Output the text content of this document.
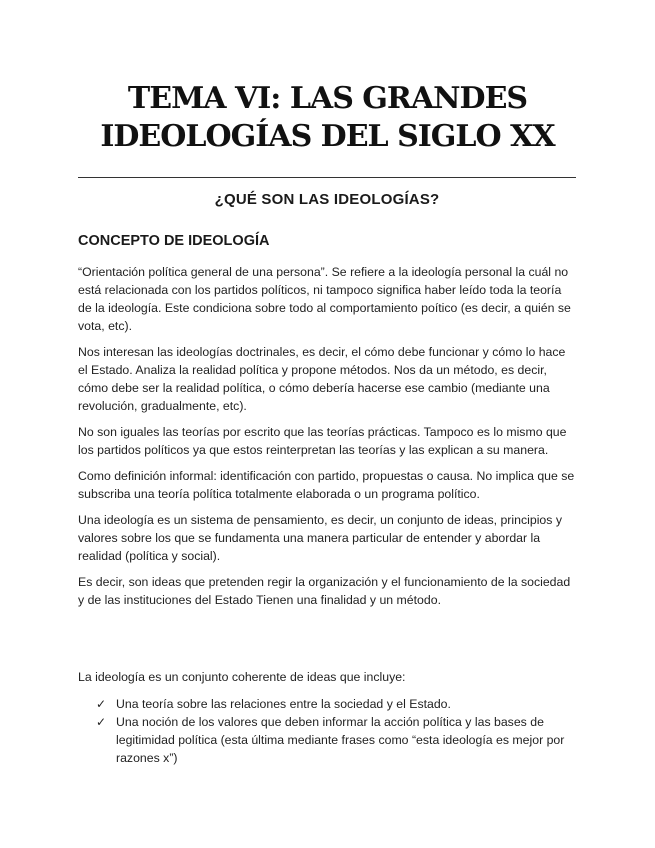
TEMA VI: LAS GRANDES
IDEOLOGÍAS DEL SIGLO XX
¿QUÉ SON LAS IDEOLOGÍAS?
CONCEPTO DE IDEOLOGÍA

“Orientación política general de una persona”. Se refiere a la ideología personal la cuál no está relacionada con los partidos políticos, ni tampoco significa haber leído toda la teoría de la ideología. Este condiciona sobre todo al comportamiento poítico (es decir, a quién se vota, etc).

Nos interesan las ideologías doctrinales, es decir, el cómo debe funcionar y cómo lo hace el Estado. Analiza la realidad política y propone métodos. Nos da un método, es decir, cómo debe ser la realidad política, o cómo debería hacerse ese cambio (mediante una revolución, gradualmente, etc).

No son iguales las teorías por escrito que las teorías prácticas. Tampoco es lo mismo que los partidos políticos ya que estos reinterpretan las teorías y las explican a su manera.

Como definición informal: identificación con partido, propuestas o causa. No implica que se subscriba una teoría política totalmente elaborada o un programa político.

Una ideología es un sistema de pensamiento, es decir, un conjunto de ideas, principios y valores sobre los que se fundamenta una manera particular de entender y abordar la realidad (política y social).

Es decir, son ideas que pretenden regir la organización y el funcionamiento de la sociedad y de las instituciones del Estado Tienen una finalidad y un método.

La ideología es un conjunto coherente de ideas que incluye:

✓ Una teoría sobre las relaciones entre la sociedad y el Estado.
✓ Una noción de los valores que deben informar la acción política y las bases de legitimidad política (esta última mediante frases como “esta ideología es mejor por razones x”)
